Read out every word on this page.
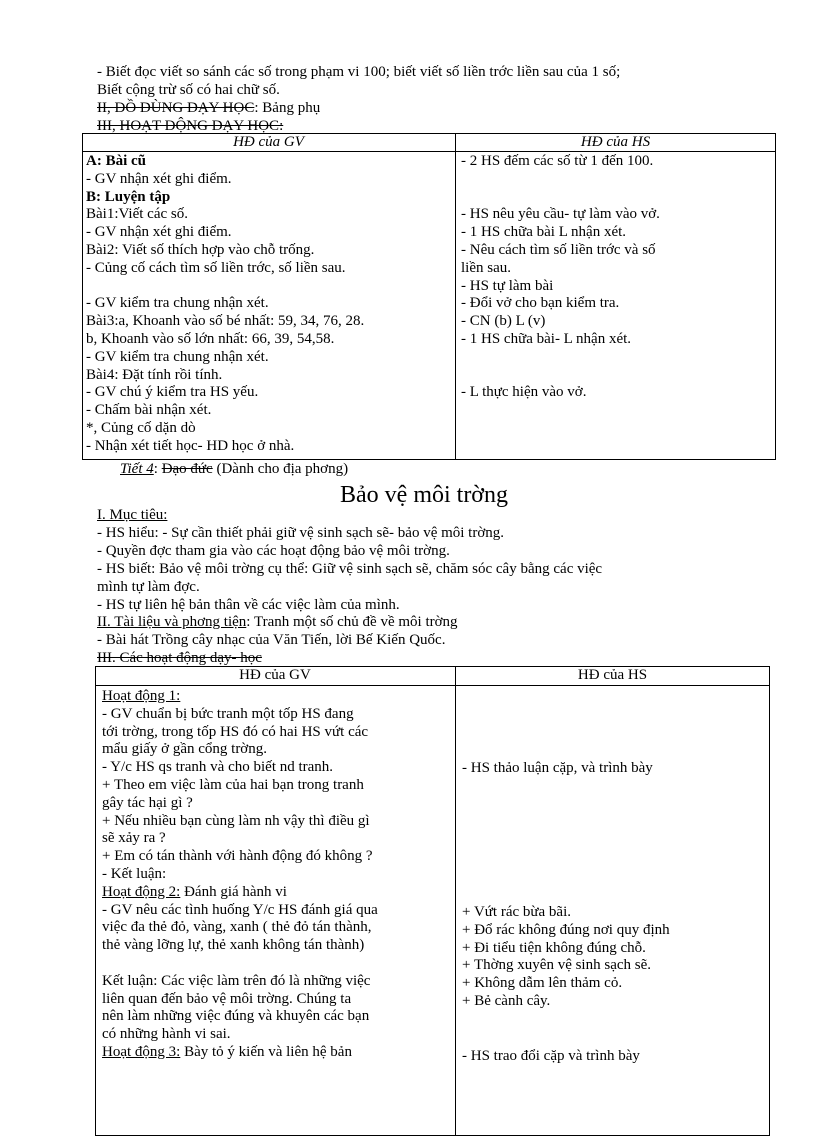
- Biết đọc viết so sánh các số trong phạm vi 100; biết viết số liền trớc liền sau của 1 số;
Biết cộng trừ số có hai chữ số.
II, ĐỒ DÙNG DẠY HỌC: Bảng phụ
III, HOẠT ĐỘNG DẠY HỌC:
HĐ của GV	HĐ của HS
A: Bài cũ
- GV nhận xét ghi điểm.
B: Luyện tập
Bài1:Viết các số.
- GV nhận xét ghi điểm.
Bài2: Viết số thích hợp vào chỗ trống.
- Củng cố cách tìm số liền trớc, số liền sau.
- GV kiểm tra chung nhận xét.
Bài3:a, Khoanh vào số bé nhất: 59, 34, 76, 28.
b, Khoanh vào số lớn nhất: 66, 39, 54,58.
- GV kiểm tra chung nhận xét.
Bài4: Đặt tính rồi tính.
- GV chú ý kiểm tra HS yếu.
- Chấm bài nhận xét.
*, Củng cố dặn dò
- Nhận xét tiết học- HD học ở nhà.
- 2 HS đếm các số từ 1 đến 100.
- HS nêu yêu cầu- tự làm vào vở.
- 1 HS chữa bài L nhận xét.
- Nêu cách tìm số liền trớc và số
liền sau.
- HS tự làm bài
- Đổi vở cho bạn kiểm tra.
- CN (b) L (v)
- 1 HS chữa bài- L nhận xét.
- L thực hiện vào vở.
Tiết 4: Đạo đức (Dành cho địa phơng)
Bảo vệ môi trờng
I. Mục tiêu:
- HS hiểu: - Sự cần thiết phải giữ vệ sinh sạch sẽ- bảo vệ môi trờng.
- Quyền đợc tham gia vào các hoạt động bảo vệ môi trờng.
- HS biết: Bảo vệ môi trờng cụ thể: Giữ vệ sinh sạch sẽ, chăm sóc cây bằng các việc
mình tự làm đợc.
- HS tự liên hệ bản thân về các việc làm của mình.
II. Tài liệu và phơng tiện: Tranh một số chủ đề về môi trờng
- Bài hát Trồng cây nhạc của Văn Tiến, lời Bế Kiến Quốc.
III. Các hoạt động dạy- học
HĐ của GV	HĐ của HS
Hoạt động 1:
- GV chuẩn bị bức tranh một tốp HS đang
tới trờng, trong tốp HS đó có hai HS vứt các
mẩu giấy ở gần cổng trờng.
- Y/c HS qs tranh và cho biết nd tranh.
+ Theo em việc làm của hai bạn trong tranh
gây tác hại gì ?
+ Nếu nhiều bạn cùng làm nh vậy thì điều gì
sẽ xảy ra ?
+ Em có tán thành với hành động đó không ?
- Kết luận:
Hoạt động 2: Đánh giá hành vi
- GV nêu các tình huống Y/c HS đánh giá qua
việc đa thẻ đỏ, vàng, xanh ( thẻ đỏ tán thành,
thẻ vàng lỡng lự, thẻ xanh không tán thành)
Kết luận: Các việc làm trên đó là những việc
liên quan đến bảo vệ môi trờng. Chúng ta
nên làm những việc đúng và khuyên các bạn
có những hành vi sai.
Hoạt động 3: Bày tỏ ý kiến và liên hệ bản
- HS thảo luận cặp, và trình bày
+ Vứt rác bừa bãi.
+ Đổ rác không đúng nơi quy định
+ Đi tiểu tiện không đúng chỗ.
+ Thờng xuyên vệ sinh sạch sẽ.
+ Không dẫm lên thảm cỏ.
+ Bẻ cành cây.
- HS trao đổi cặp và trình bày
